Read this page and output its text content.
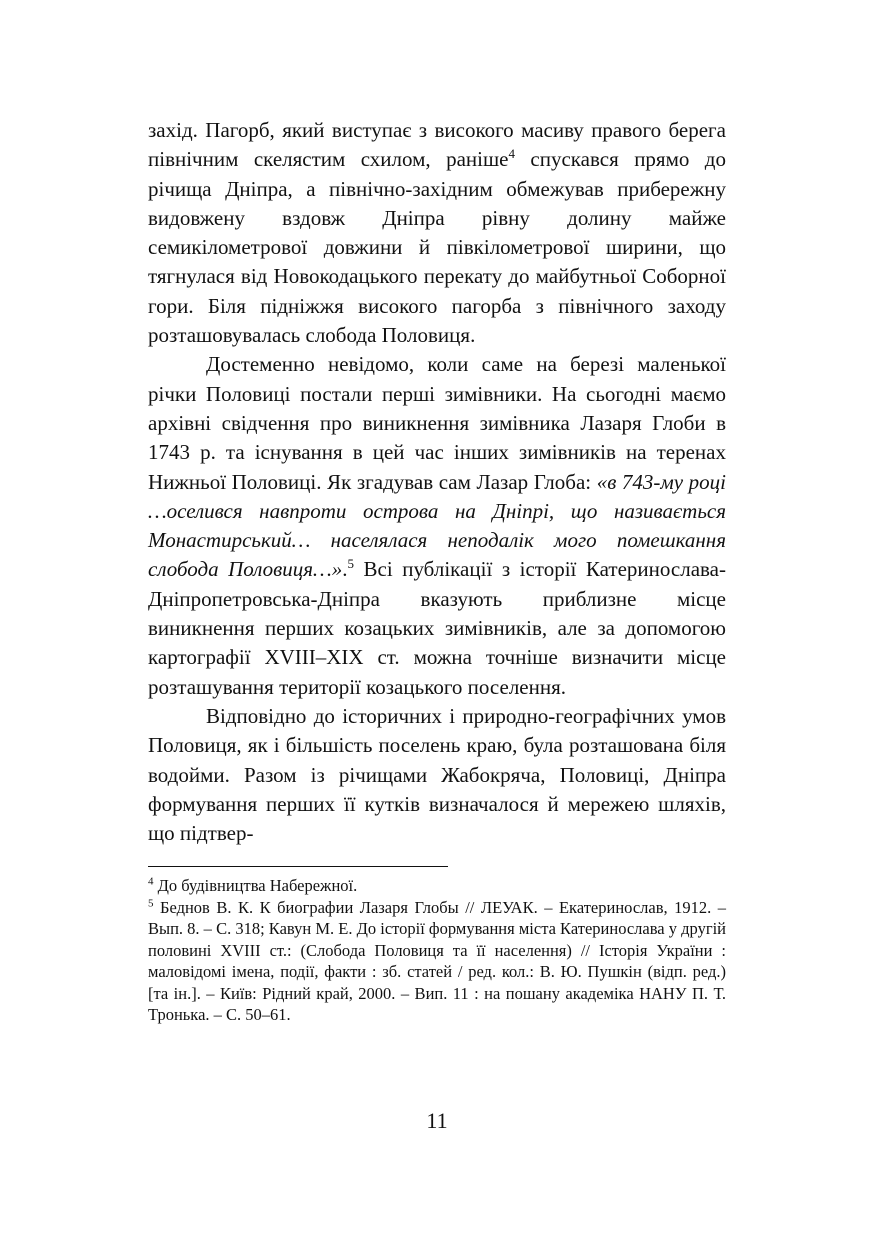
захід. Пагорб, який виступає з високого масиву правого берега північним скелястим схилом, раніше$^4$ спускався прямо до річища Дніпра, а північно-західним обмежував прибережну видовжену вздовж Дніпра рівну долину майже семикілометрової довжини й півкілометрової ширини, що тягнулася від Новокодацького перекату до майбутньої Соборної гори. Біля підніжжя високого пагорба з північного заходу розташовувалась слобода Половиця.

Достеменно невідомо, коли саме на березі маленької річки Половиці постали перші зимівники. На сьогодні маємо архівні свідчення про виникнення зимівника Лазаря Глоби в 1743 р. та існування в цей час інших зимівників на теренах Нижньої Половиці. Як згадував сам Лазар Глоба: «в 743-му році …оселився навпроти острова на Дніпрі, що називається Монастирський… населялася неподалік мого помешкання слобода Половиця…».$^5$ Всі публікації з історії Катеринослава-Дніпропетровська-Дніпра вказують приблизне місце виникнення перших козацьких зимівників, але за допомогою картографії XVIII–XIX ст. можна точніше визначити місце розташування території козацького поселення.

Відповідно до історичних і природно-географічних умов Половиця, як і більшість поселень краю, була розташована біля водойми. Разом із річищами Жабокряча, Половиці, Дніпра формування перших її кутків визначалося й мережею шляхів, що підтвер-

$^4$ До будівництва Набережної.

$^5$ Беднов В. К. К биографии Лазаря Глобы // ЛЕУАК. – Екатеринослав, 1912. – Вып. 8. – С. 318; Кавун М. Е. До історії формування міста Катеринослава у другій половині XVIII ст.: (Слобода Половиця та її населення) // Історія України : маловідомі імена, події, факти : зб. статей / ред. кол.: В. Ю. Пушкін (відп. ред.) [та ін.]. – Київ: Рідний край, 2000. – Вип. 11 : на пошану академіка НАНУ П. Т. Тронька. – С. 50–61.

11
